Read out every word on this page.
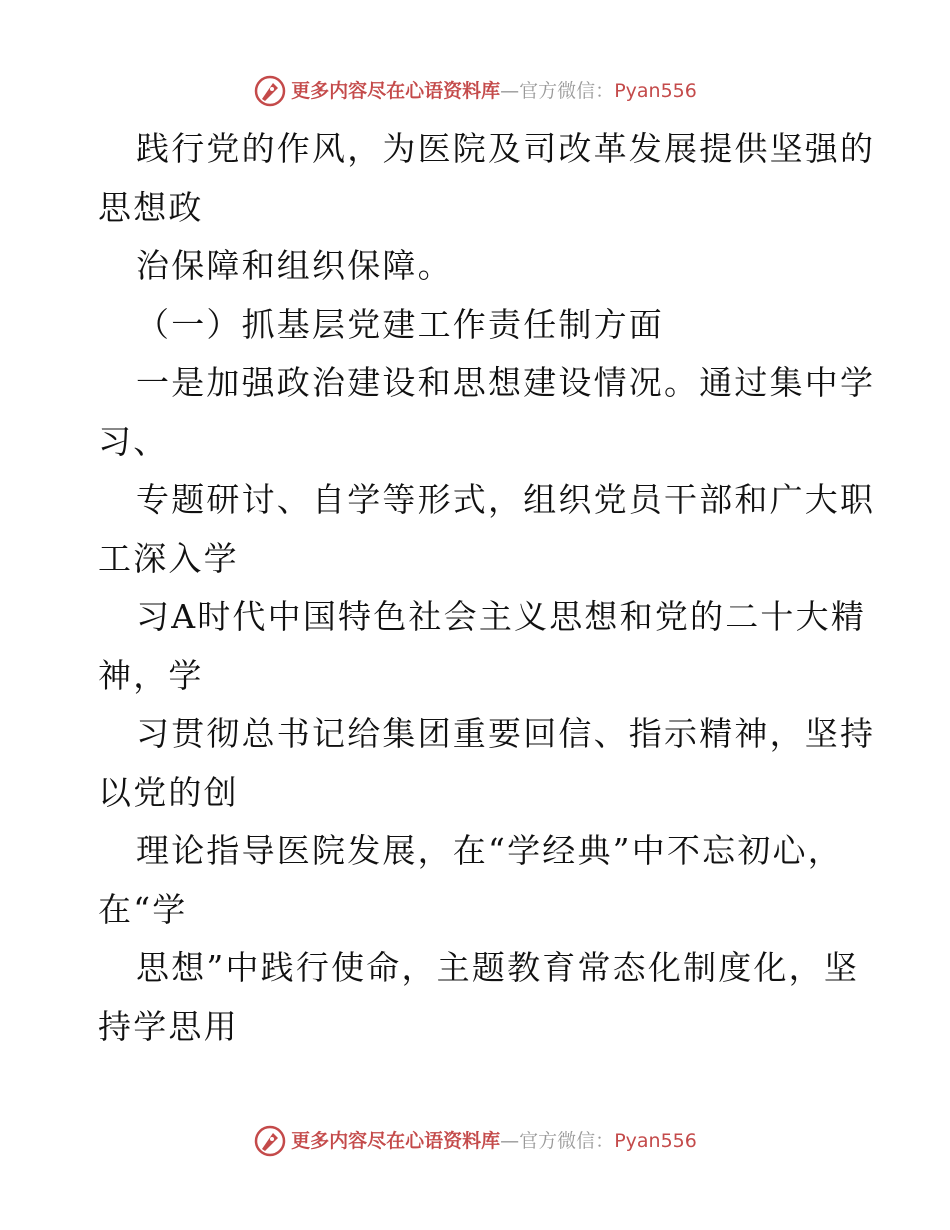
更多内容尽在心语资料库 — 官方微信： Pyan556
践行党的作风，为医院及司改革发展提供坚强的
思想政
治保障和组织保障。
（一）抓基层党建工作责任制方面
一是加强政治建设和思想建设情况。通过集中学
习、
专题研讨、自学等形式，组织党员干部和广大职
工深入学
习A时代中国特色社会主义思想和党的二十大精
神，学
习贯彻总书记给集团重要回信、指示精神，坚持
以党的创
理论指导医院发展，在“学经典”中不忘初心，
在“学
思想”中践行使命，主题教育常态化制度化，坚
持学思用
更多内容尽在心语资料库 — 官方微信： Pyan556
